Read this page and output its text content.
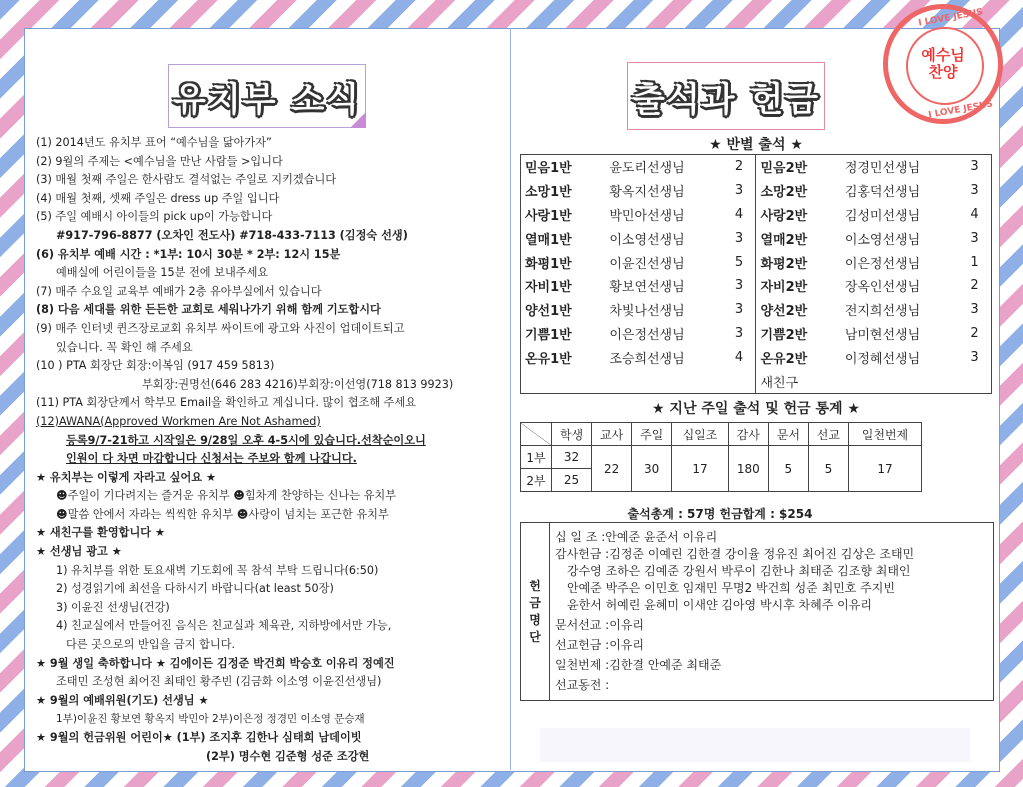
유치부 소식
(1) 2014년도 유치부 표어 “예수님을 닮아가자”
(2) 9월의 주제는 <예수님을 만난 사람들 >입니다
(3) 매월 첫째 주일은 한사람도 결석없는 주일로 지키겠습니다
(4) 매월 첫째, 셋째 주일은 dress up 주일 입니다
(5) 주일 예배시 아이들의 pick up이 가능합니다
#917-796-8877 (오차인 전도사) #718-433-7113 (김정숙 선생)
(6) 유치부 예배 시간 : *1부: 10시 30분 * 2부: 12시 15분
예배실에 어린이들을 15분 전에 보내주세요
(7) 매주 수요일 교육부 예배가 2층 유아부실에서 있습니다
(8) 다음 세대를 위한 든든한 교회로 세워나가기 위해 함께 기도합시다
(9) 매주 인터넷 퀸즈장로교회 유치부 싸이트에 광고와 사진이 업데이트되고
있습니다. 꼭 확인 해 주세요
(10 ) PTA 회장단 회장:이복임 (917 459 5813)
부회장:권명선(646 283 4216)부회장:이선영(718 813 9923)
(11) PTA 회장단께서 학부모 Email을 확인하고 계십니다. 많이 협조해 주세요
(12)AWANA(Approved Workmen Are Not Ashamed)
등록9/7-21하고 시작일은 9/28일 오후 4-5시에 있습니다.선착순이오니
인원이 다 차면 마감합니다 신청서는 주보와 함께 나갑니다.
★ 유치부는 이렇게 자라고 싶어요 ★
☻주일이 기다려지는 즐거운 유치부 ☻힘차게 찬양하는 신나는 유치부
☻말씀 안에서 자라는 씩씩한 유치부 ☻사랑이 넘치는 포근한 유치부
★ 새친구를 환영합니다 ★
★ 선생님 광고 ★
1) 유치부를 위한 토요새벽 기도회에 꼭 참석 부탁 드립니다(6:50)
2) 성경읽기에 최선을 다하시기 바랍니다(at least 50장)
3) 이윤진 선생님(건강)
4) 친교실에서 만들어진 음식은 친교실과 체육관, 지하방에서만 가능,
다른 곳으로의 반입을 금지 합니다.
★ 9월 생일 축하합니다 ★ 김에이든 김정준 박건희 박승호 이유리 정예진
조태민 조성현 최어진 최태인 황주빈 (김금화 이소영 이윤진선생님)
★ 9월의 예배위원(기도) 선생님 ★
1부)이윤진 황보연 황옥지 박민아 2부)이은정 정경민 이소영 문승재
★ 9월의 헌금위원 어린이★ (1부) 조지후 김한나 심태희 남데이빗
(2부) 명수현 김준형 성준 조강현
출석과 헌금
★ 반별 출석 ★
믿음1반	윤도리선생님	2	믿음2반	정경민선생님	3
소망1반	황옥지선생님	3	소망2반	김홍덕선생님	3
사랑1반	박민아선생님	4	사랑2반	김성미선생님	4
열매1반	이소영선생님	3	열매2반	이소영선생님	3
화평1반	이윤진선생님	5	화평2반	이은정선생님	1
자비1반	황보연선생님	3	자비2반	장옥인선생님	2
양선1반	차빛나선생님	3	양선2반	전지희선생님	3
기쁨1반	이은정선생님	3	기쁨2반	남미현선생님	2
온유1반	조승희선생님	4	온유2반	이정혜선생님	3
			새친구		
★ 지난 주일 출석 및 헌금 통계 ★
	학생	교사	주일	십일조	감사	문서	선교	일천번제
1부	32	22	30	17	180	5	5	17
2부	25							
출석총계 : 57명 헌금합계 : $254
헌
금
명
단
십 일 조 :안예준 윤준서 이유리
감사헌금 :김정준 이예린 김한결 강이율 정유진 최어진 김상은 조태민
강수영 조하은 김예준 강원서 박루이 김한나 최태준 김조향 최태인
안예준 박주은 이민호 임재민 무명2 박건희 성준 최민호 주지빈
윤한서 허예린 윤혜미 이새얀 김아영 박시후 차혜주 이유리
문서선교 :이유리
선교헌금 :이유리
일천번제 :김한결 안예준 최태준
선교동전 :
I LOVE JESUS
예수님
찬양
I LOVE JESUS
